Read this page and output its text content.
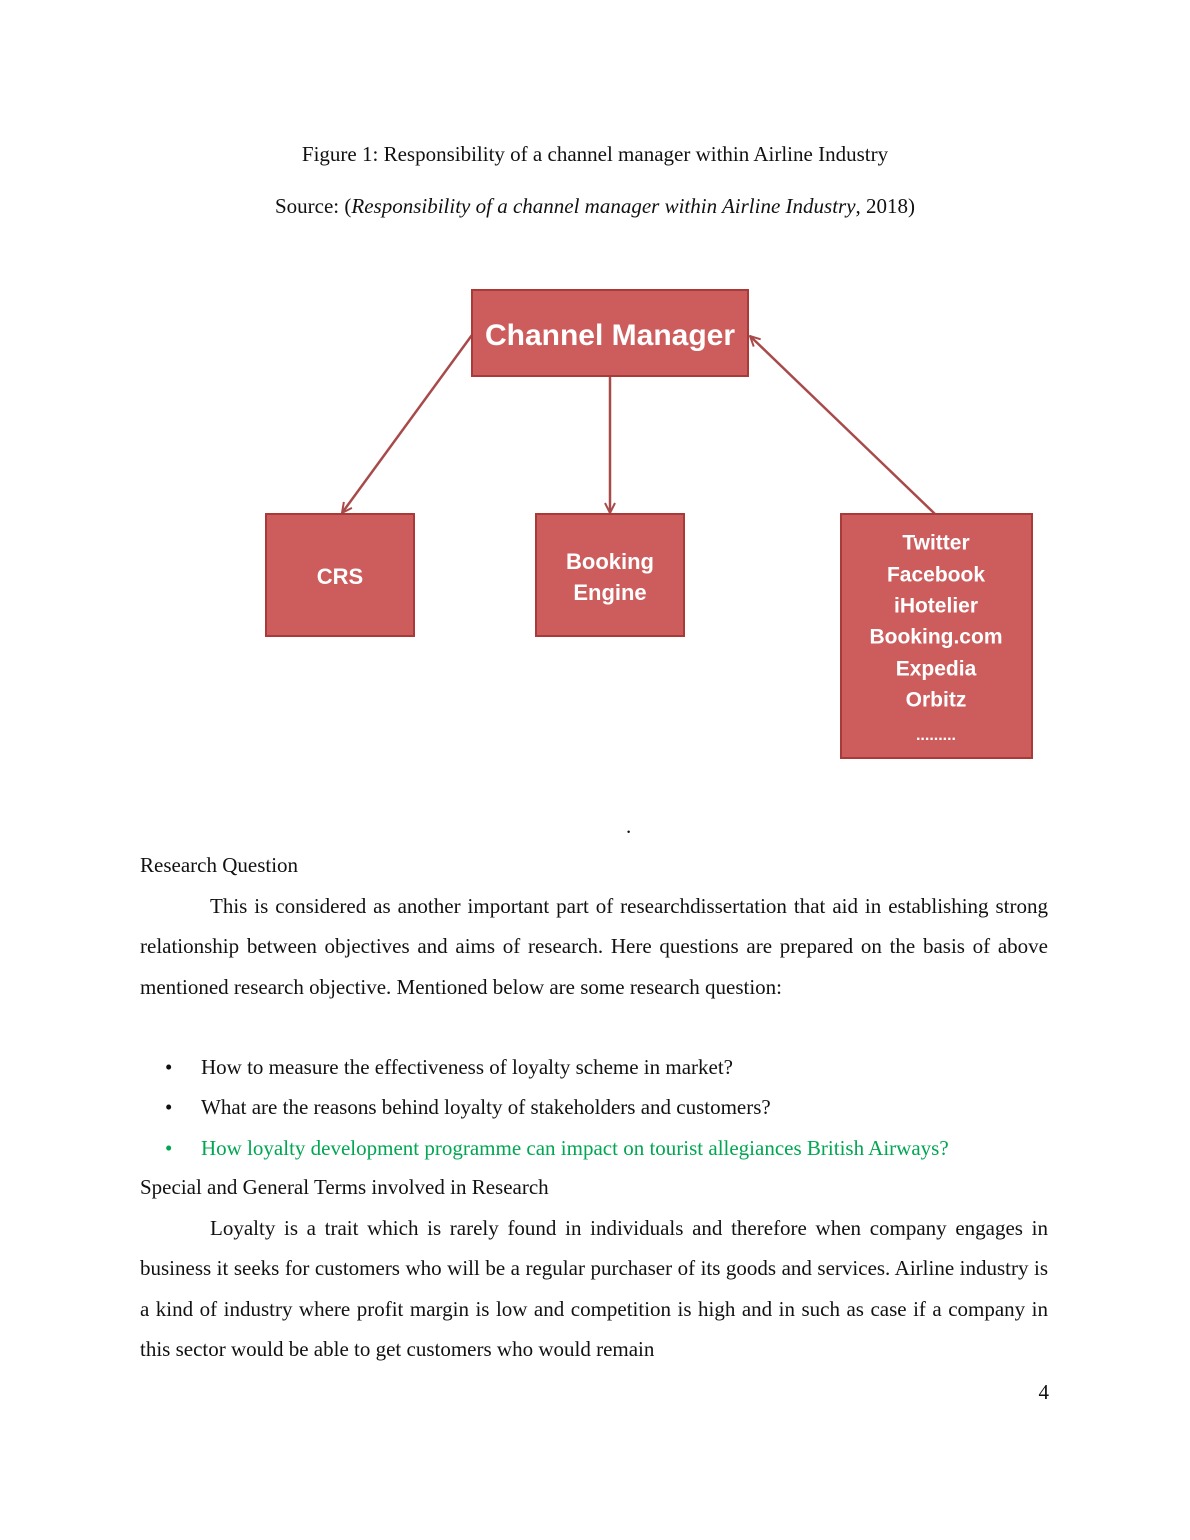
Figure 1: Responsibility of a channel manager within Airline Industry
Source: (Responsibility of a channel manager within Airline Industry, 2018)
Channel Manager
CRS
Booking
Engine
Twitter
Facebook
iHotelier
Booking.com
Expedia
Orbitz
.........
.
Research Question
This is considered as another important part of researchdissertation that aid in establishing strong relationship between objectives and aims of research. Here questions are prepared on the basis of above mentioned research objective. Mentioned below are some research question:
• How to measure the effectiveness of loyalty scheme in market?
• What are the reasons behind loyalty of stakeholders and customers?
• How loyalty development programme can impact on tourist allegiances British Airways?
Special and General Terms involved in Research
Loyalty is a trait which is rarely found in individuals and therefore when company engages in business it seeks for customers who will be a regular purchaser of its goods and services. Airline industry is a kind of industry where profit margin is low and competition is high and in such as case if a company in this sector would be able to get customers who would remain
4
